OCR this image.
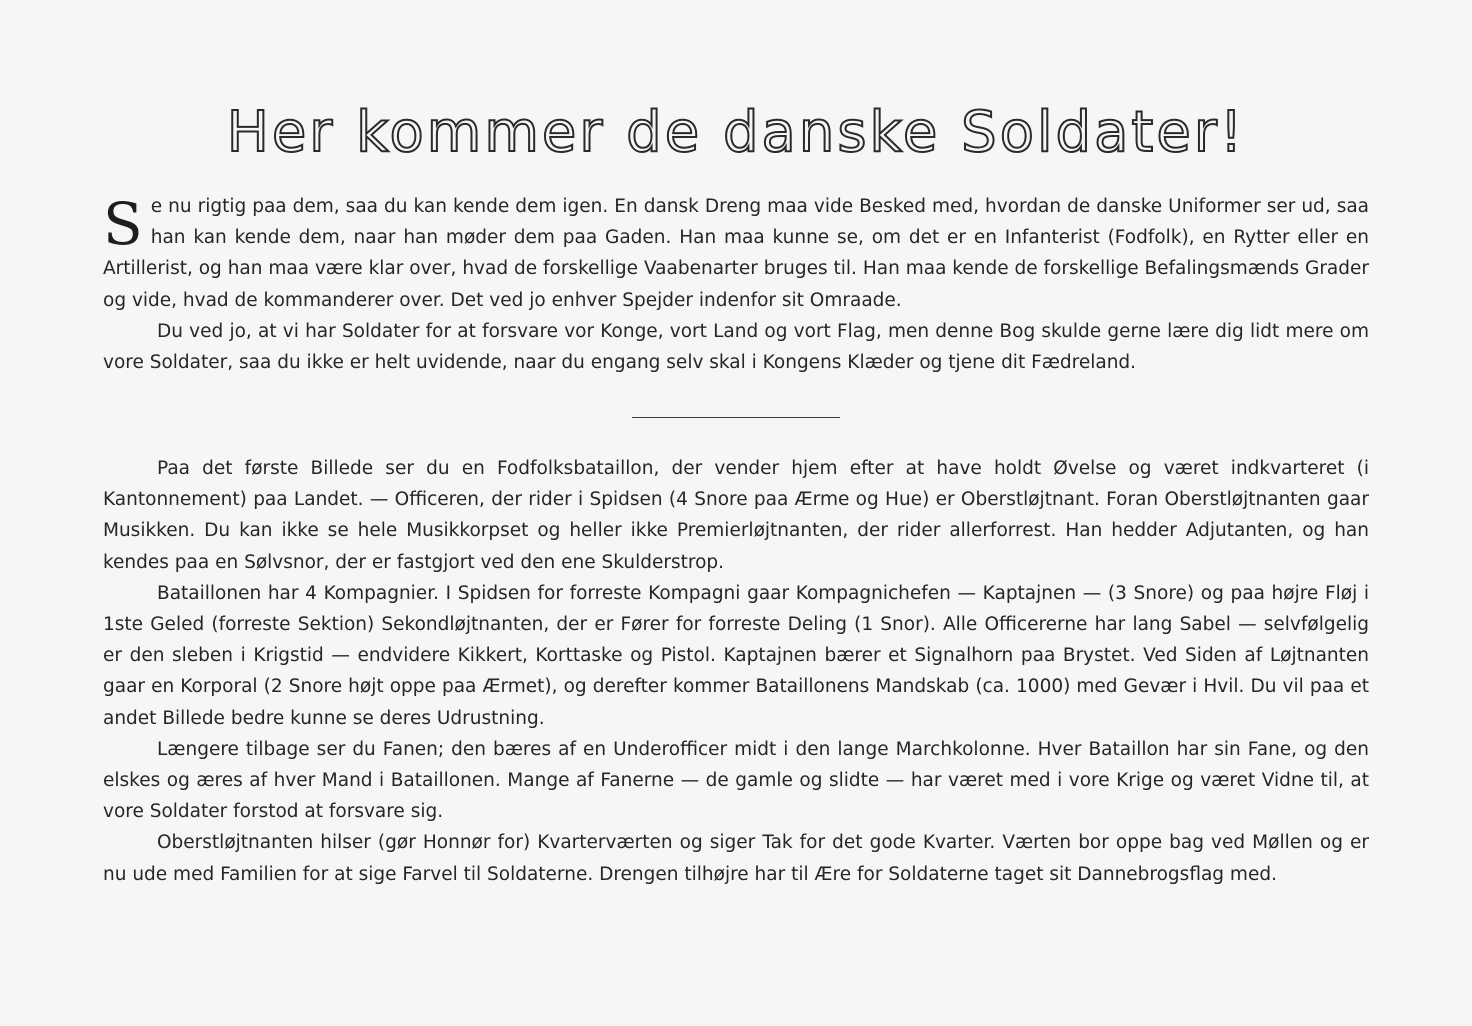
Her kommer de danske Soldater!

Se nu rigtig paa dem, saa du kan kende dem igen. En dansk Dreng maa vide Besked med, hvordan de danske Uniformer ser ud, saa han kan kende dem, naar han møder dem paa Gaden. Han maa kunne se, om det er en Infanterist (Fodfolk), en Rytter eller en Artillerist, og han maa være klar over, hvad de forskellige Vaabenarter bruges til. Han maa kende de forskellige Befalingsmænds Grader og vide, hvad de kommanderer over. Det ved jo enhver Spejder indenfor sit Omraade.

Du ved jo, at vi har Soldater for at forsvare vor Konge, vort Land og vort Flag, men denne Bog skulde gerne lære dig lidt mere om vore Soldater, saa du ikke er helt uvidende, naar du engang selv skal i Kongens Klæder og tjene dit Fædreland.

Paa det første Billede ser du en Fodfolksbataillon, der vender hjem efter at have holdt Øvelse og været indkvarteret (i Kantonnement) paa Landet. — Officeren, der rider i Spidsen (4 Snore paa Ærme og Hue) er Oberstløjtnant. Foran Oberstløjtnanten gaar Musikken. Du kan ikke se hele Musikkorpset og heller ikke Premierløjtnanten, der rider allerforrest. Han hedder Adjutanten, og han kendes paa en Sølvsnor, der er fastgjort ved den ene Skulderstrop.

Bataillonen har 4 Kompagnier. I Spidsen for forreste Kompagni gaar Kompagnichefen — Kaptajnen — (3 Snore) og paa højre Fløj i 1ste Geled (forreste Sektion) Sekondløjtnanten, der er Fører for forreste Deling (1 Snor). Alle Officererne har lang Sabel — selvfølgelig er den sleben i Krigstid — endvidere Kikkert, Korttaske og Pistol. Kaptajnen bærer et Signalhorn paa Brystet. Ved Siden af Løjtnanten gaar en Korporal (2 Snore højt oppe paa Ærmet), og derefter kommer Bataillonens Mandskab (ca. 1000) med Gevær i Hvil. Du vil paa et andet Billede bedre kunne se deres Udrustning.

Længere tilbage ser du Fanen; den bæres af en Underofficer midt i den lange Marchkolonne. Hver Bataillon har sin Fane, og den elskes og æres af hver Mand i Bataillonen. Mange af Fanerne — de gamle og slidte — har været med i vore Krige og været Vidne til, at vore Soldater forstod at forsvare sig.

Oberstløjtnanten hilser (gør Honnør for) Kvarterværten og siger Tak for det gode Kvarter. Værten bor oppe bag ved Møllen og er nu ude med Familien for at sige Farvel til Soldaterne. Drengen tilhøjre har til Ære for Soldaterne taget sit Dannebrogsflag med.
